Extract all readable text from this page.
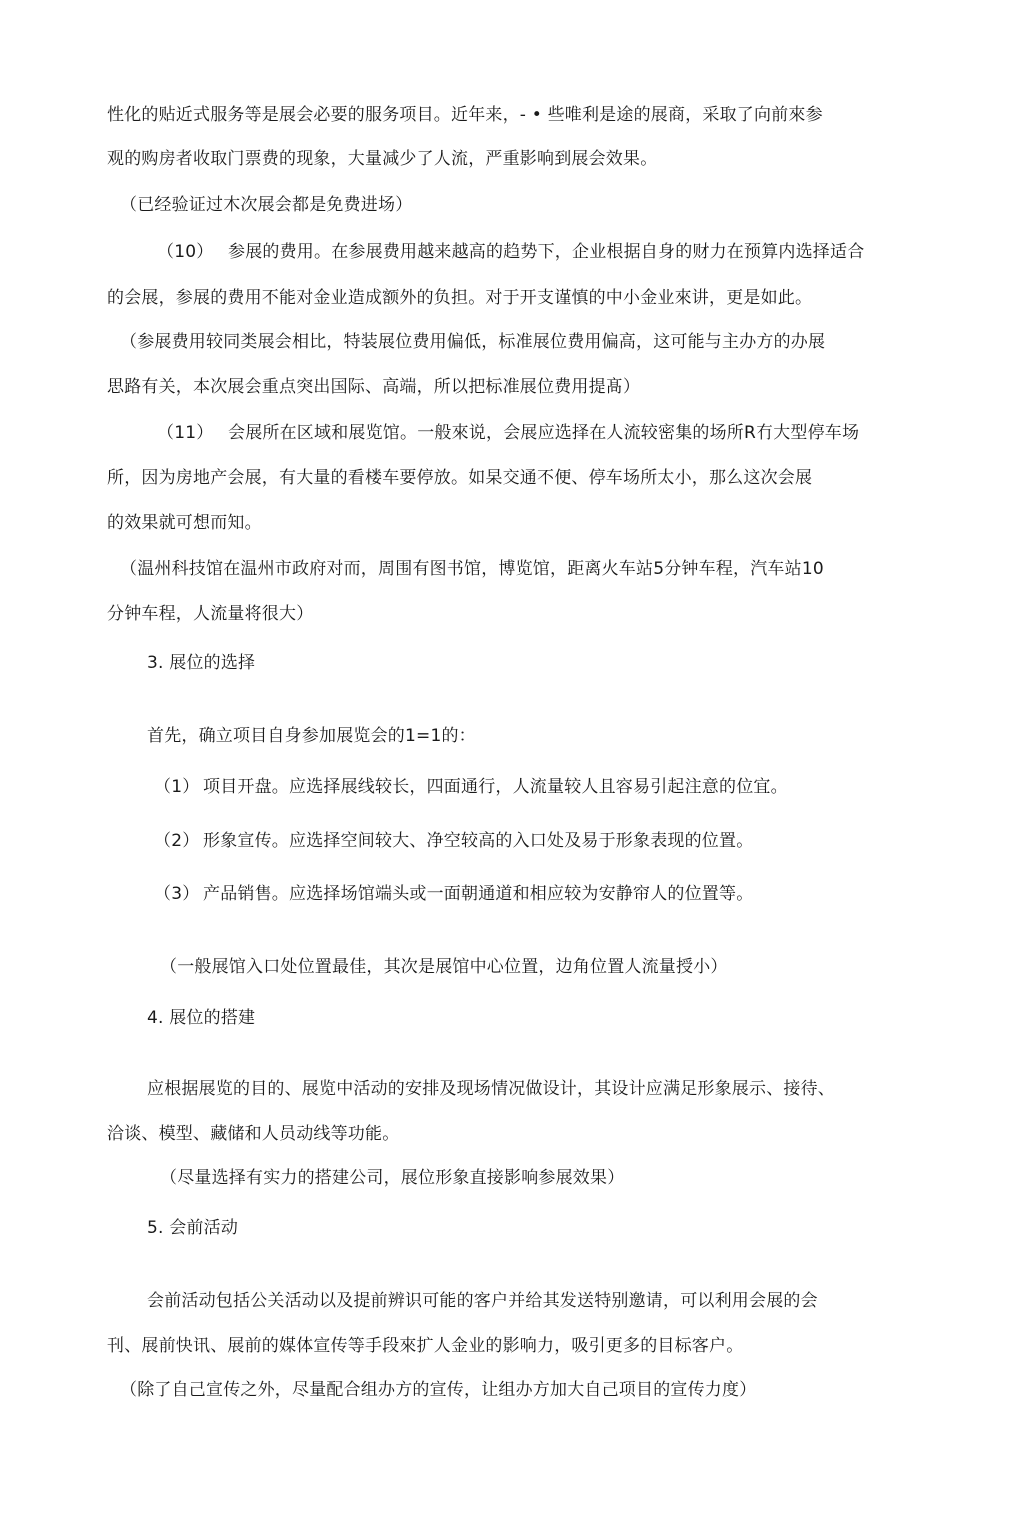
性化的贴近式服务等是展会必要的服务项目。近年来，- • 些唯利是途的展商，采取了向前來参

观的购房者收取门票费的现象，大量减少了人流，严重影响到展会效果。

（已经验证过木次展会都是免费进场）

（10） 参展的费用。在参展费用越来越高的趋势下，企业根据自身的财力在预算内选择适合

的会展，参展的费用不能对金业造成额外的负担。对于开支谨慎的中小金业來讲，更是如此。

（参展费用较同类展会相比，特装展位费用偏低，标准展位费用偏高，这可能与主办方的办展

思路有关，本次展会重点突出国际、高端，所以把标准展位费用提髙）

（11） 会展所在区域和展览馆。一般來说，会展应选择在人流较密集的场所R冇大型停车场

所，因为房地产会展，有大量的看楼车要停放。如杲交通不便、停车场所太小，那么这次会展

的效果就可想而知。

（温州科技馆在温州市政府对而，周围有图书馆，博览馆，距离火车站5分钟车程，汽车站10

分钟车程，人流量将很大）

3. 展位的选择

首先，确立项目自身参加展览会的1=1的：

（1） 项目开盘。应选择展线较长，四面通行，人流量较人且容易引起注意的位宜。

（2） 形象宣传。应选择空间较大、净空较高的入口处及易于形象表现的位置。

（3） 产品销售。应选择场馆端头或一面朝通道和相应较为安静帘人的位置等。

（一般展馆入口处位置最佳，其次是展馆中心位置，边角位置人流量授小）

4. 展位的搭建

应根据展览的目的、展览中活动的安排及现场情况做设计，其设计应满足形象展示、接待、

洽谈、模型、藏储和人员动线等功能。

（尽量选择有实力的搭建公司，展位形象直接影响参展效果）

5. 会前活动

会前活动包括公关活动以及提前辨识可能的客户并给其发送特别邀请，可以利用会展的会

刊、展前快讯、展前的媒体宣传等手段來扩人金业的影响力，吸引更多的目标客户。

（除了自己宣传之外，尽量配合组办方的宣传，让组办方加大自己项目的宣传力度）
